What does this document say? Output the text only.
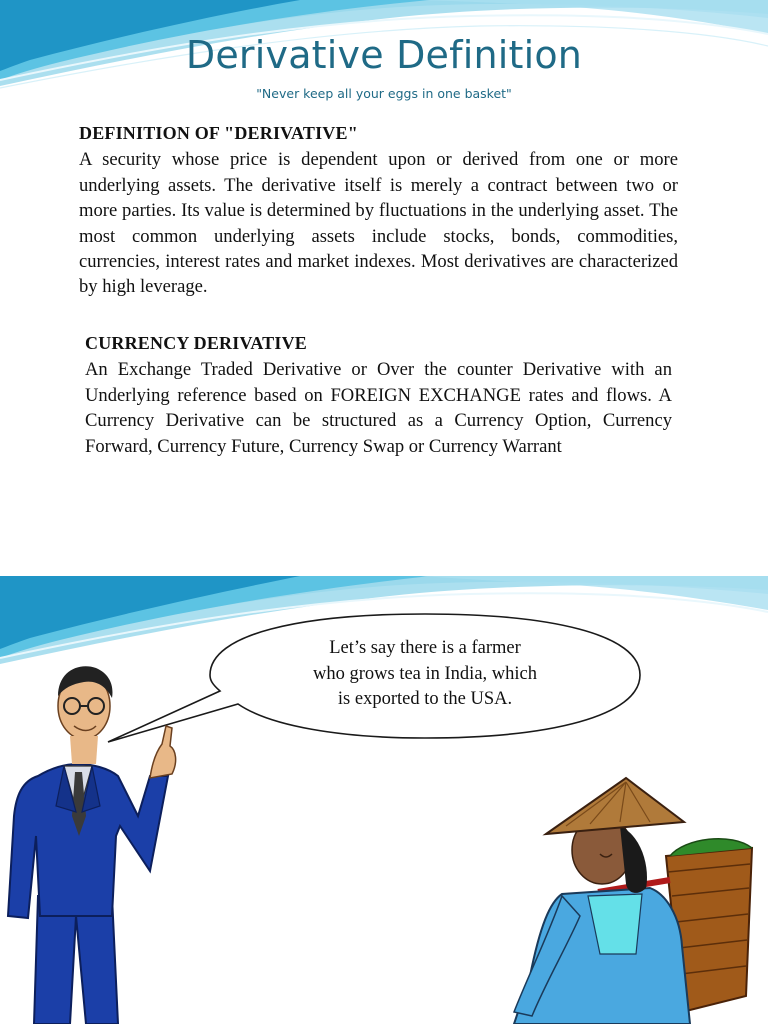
Derivative Definition
"Never keep all your eggs in one basket"
DEFINITION OF "DERIVATIVE"

A security whose price is dependent upon or derived from one or more underlying assets. The derivative itself is merely a contract between two or more parties. Its value is determined by fluctuations in the underlying asset. The most common underlying assets include stocks, bonds, commodities, currencies, interest rates and market indexes. Most derivatives are characterized by high leverage.

CURRENCY DERIVATIVE

An Exchange Traded Derivative or Over the counter Derivative with an Underlying reference based on FOREIGN EXCHANGE rates and flows. A Currency Derivative can be structured as a Currency Option, Currency Forward, Currency Future, Currency Swap or Currency Warrant

Let’s say there is a farmer
who grows tea in India, which
is exported to the USA.
